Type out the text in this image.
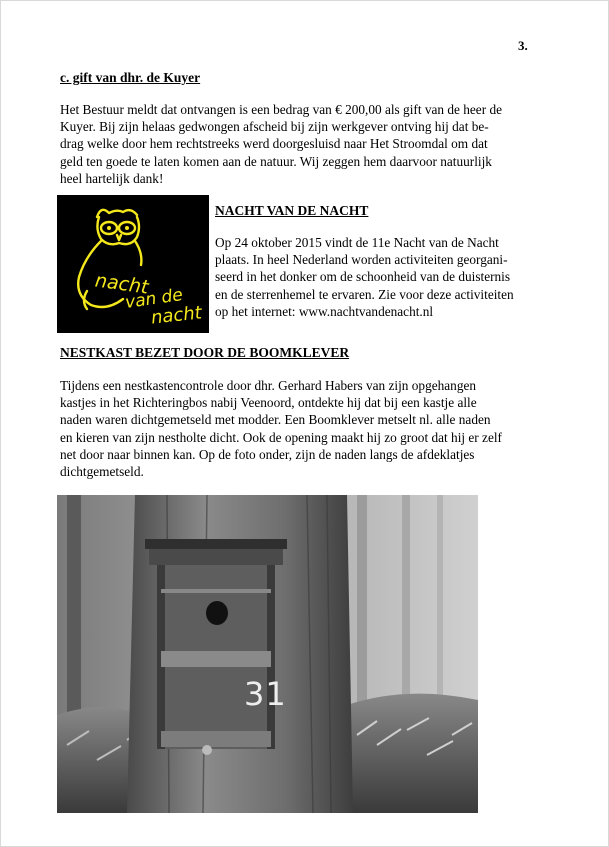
3.
c. gift van dhr. de Kuyer
Het Bestuur meldt dat ontvangen is een bedrag van € 200,00 als gift van de heer de
Kuyer. Bij zijn helaas gedwongen afscheid bij zijn werkgever ontving hij dat be-
drag welke door hem rechtstreeks werd doorgesluisd naar Het Stroomdal om dat
geld ten goede te laten komen aan de natuur. Wij zeggen hem daarvoor natuurlijk
heel hartelijk dank!
nacht
van de
nacht
NACHT VAN DE NACHT
Op 24 oktober 2015 vindt de 11e Nacht van de Nacht
plaats. In heel Nederland worden activiteiten georgani-
seerd in het donker om de schoonheid van de duisternis
en de sterrenhemel te ervaren. Zie voor deze activiteiten
op het internet: www.nachtvandenacht.nl
NESTKAST BEZET DOOR DE BOOMKLEVER
Tijdens een nestkastencontrole door dhr. Gerhard Habers van zijn opgehangen
kastjes in het Richteringbos nabij Veenoord, ontdekte hij dat bij een kastje alle
naden waren dichtgemetseld met modder. Een Boomklever metselt nl. alle naden
en kieren van zijn nestholte dicht. Ook de opening maakt hij zo groot dat hij er zelf
net door naar binnen kan. Op de foto onder, zijn de naden langs de afdeklatjes
dichtgemetseld.
31
